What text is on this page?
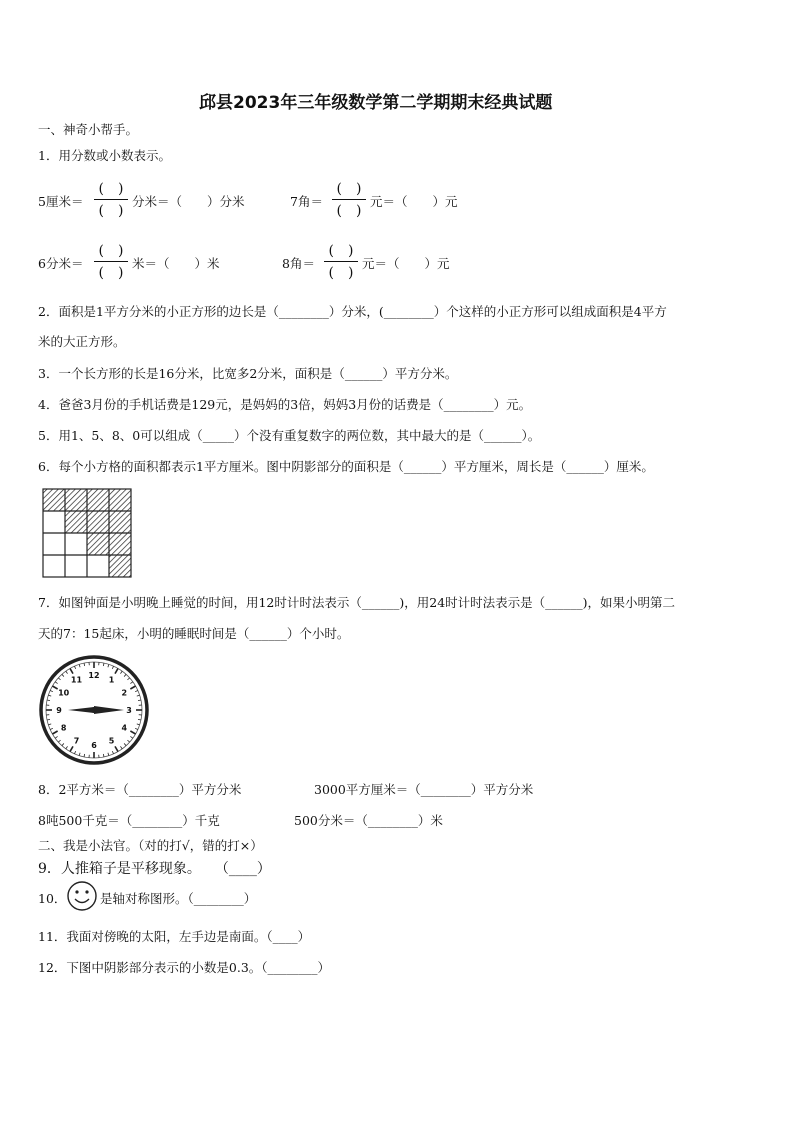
邱县2023年三年级数学第二学期期末经典试题
一、神奇小帮手。
1．用分数或小数表示。
5厘米＝
(　)
(　)
分米＝（　　）分米	7角＝
(　)
(　)
元＝（　　）元
6分米＝
(　)
(　)
米＝（　　）米	8角＝
(　)
(　)
元＝（　　）元
2．面积是1平方分米的小正方形的边长是（________）分米，(________）个这样的小正方形可以组成面积是4平方
米的大正方形。
3．一个长方形的长是16分米，比宽多2分米，面积是（______）平方分米。
4．爸爸3月份的手机话费是129元，是妈妈的3倍，妈妈3月份的话费是（________）元。
5．用1、5、8、0可以组成（_____）个没有重复数字的两位数，其中最大的是（______）。
6．每个小方格的面积都表示1平方厘米。图中阴影部分的面积是（______）平方厘米，周长是（______）厘米。
7．如图钟面是小明晚上睡觉的时间，用12时计时法表示（______)，用24时计时法表示是（______)，如果小明第二
天的7：15起床，小明的睡眠时间是（______）个小时。
12
1
2
3
4
5
6
7
8
9
10
11
8．2平方米＝（________）平方分米	3000平方厘米＝（________）平方分米
8吨500千克＝（________）千克	500分米＝（________）米
二、我是小法官。（对的打√，错的打×）
9．人推箱子是平移现象。　　（____）
10．	是轴对称图形。（________）
11．我面对傍晚的太阳，左手边是南面。（____）
12．下图中阴影部分表示的小数是0.3。（________）
